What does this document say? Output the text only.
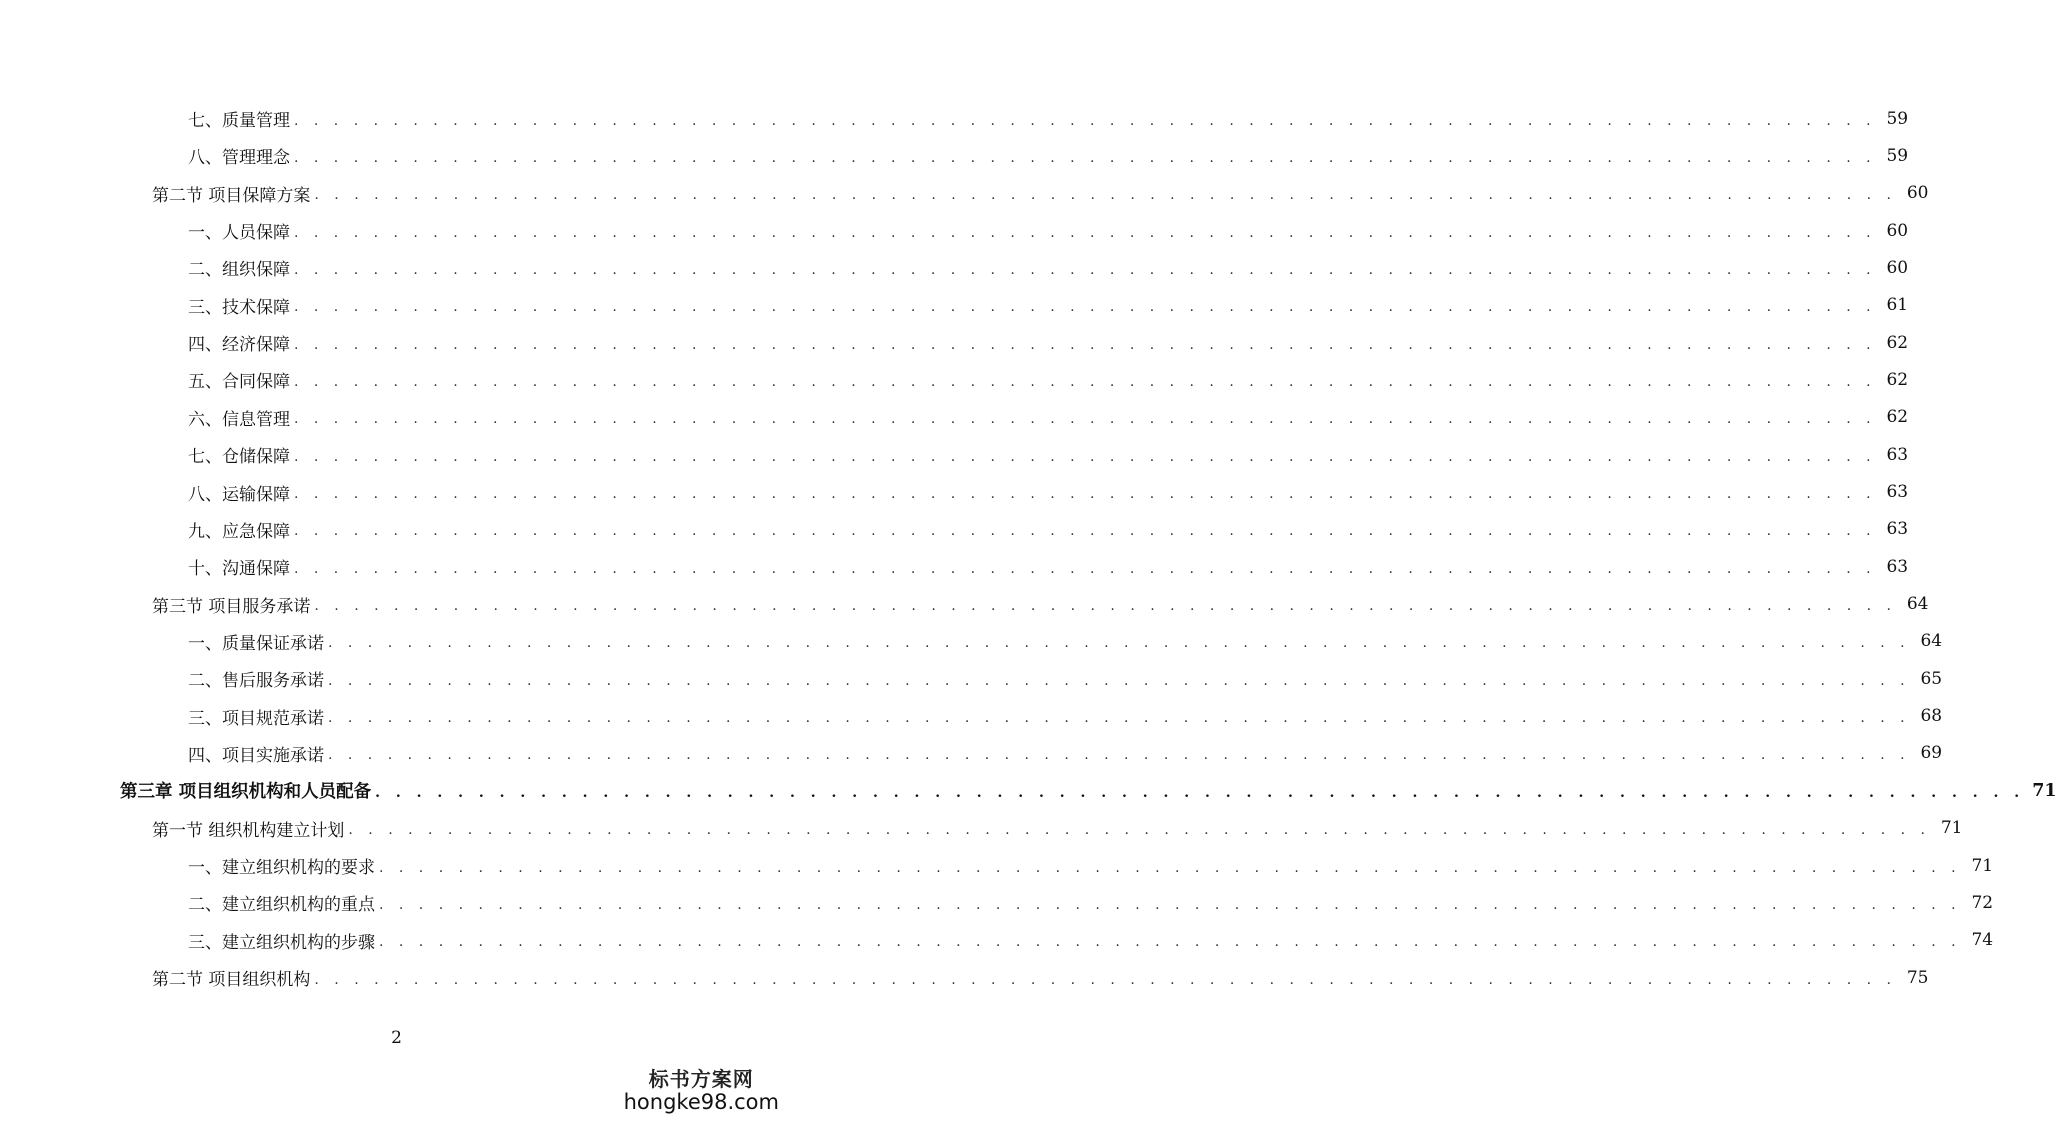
七、质量管理 . . . . . . . . . . . . . . . . . . . . . . . . . . . . . . . . . . . . . . . . . . . . . . . . . . . . . . . . . . . . . . . . . . . . . . . . . . . . . . . . 59
八、管理理念 . . . . . . . . . . . . . . . . . . . . . . . . . . . . . . . . . . . . . . . . . . . . . . . . . . . . . . . . . . . . . . . . . . . . . . . . . . . . . . . . 59
第二节 项目保障方案 . . . . . . . . . . . . . . . . . . . . . . . . . . . . . . . . . . . . . . . . . . . . . . . . . . . . . . . . . . . . . . . . . . . . . . . . . . . . . . . . 60
一、人员保障 . . . . . . . . . . . . . . . . . . . . . . . . . . . . . . . . . . . . . . . . . . . . . . . . . . . . . . . . . . . . . . . . . . . . . . . . . . . . . . . . 60
二、组织保障 . . . . . . . . . . . . . . . . . . . . . . . . . . . . . . . . . . . . . . . . . . . . . . . . . . . . . . . . . . . . . . . . . . . . . . . . . . . . . . . . 60
三、技术保障 . . . . . . . . . . . . . . . . . . . . . . . . . . . . . . . . . . . . . . . . . . . . . . . . . . . . . . . . . . . . . . . . . . . . . . . . . . . . . . . . 61
四、经济保障 . . . . . . . . . . . . . . . . . . . . . . . . . . . . . . . . . . . . . . . . . . . . . . . . . . . . . . . . . . . . . . . . . . . . . . . . . . . . . . . . 62
五、合同保障 . . . . . . . . . . . . . . . . . . . . . . . . . . . . . . . . . . . . . . . . . . . . . . . . . . . . . . . . . . . . . . . . . . . . . . . . . . . . . . . . 62
六、信息管理 . . . . . . . . . . . . . . . . . . . . . . . . . . . . . . . . . . . . . . . . . . . . . . . . . . . . . . . . . . . . . . . . . . . . . . . . . . . . . . . . 62
七、仓储保障 . . . . . . . . . . . . . . . . . . . . . . . . . . . . . . . . . . . . . . . . . . . . . . . . . . . . . . . . . . . . . . . . . . . . . . . . . . . . . . . . 63
八、运输保障 . . . . . . . . . . . . . . . . . . . . . . . . . . . . . . . . . . . . . . . . . . . . . . . . . . . . . . . . . . . . . . . . . . . . . . . . . . . . . . . . 63
九、应急保障 . . . . . . . . . . . . . . . . . . . . . . . . . . . . . . . . . . . . . . . . . . . . . . . . . . . . . . . . . . . . . . . . . . . . . . . . . . . . . . . . 63
十、沟通保障 . . . . . . . . . . . . . . . . . . . . . . . . . . . . . . . . . . . . . . . . . . . . . . . . . . . . . . . . . . . . . . . . . . . . . . . . . . . . . . . . 63
第三节 项目服务承诺 . . . . . . . . . . . . . . . . . . . . . . . . . . . . . . . . . . . . . . . . . . . . . . . . . . . . . . . . . . . . . . . . . . . . . . . . . . . . . . . . 64
一、质量保证承诺 . . . . . . . . . . . . . . . . . . . . . . . . . . . . . . . . . . . . . . . . . . . . . . . . . . . . . . . . . . . . . . . . . . . . . . . . . . . . . . . . 64
二、售后服务承诺 . . . . . . . . . . . . . . . . . . . . . . . . . . . . . . . . . . . . . . . . . . . . . . . . . . . . . . . . . . . . . . . . . . . . . . . . . . . . . . . . 65
三、项目规范承诺 . . . . . . . . . . . . . . . . . . . . . . . . . . . . . . . . . . . . . . . . . . . . . . . . . . . . . . . . . . . . . . . . . . . . . . . . . . . . . . . . 68
四、项目实施承诺 . . . . . . . . . . . . . . . . . . . . . . . . . . . . . . . . . . . . . . . . . . . . . . . . . . . . . . . . . . . . . . . . . . . . . . . . . . . . . . . . 69
第三章 项目组织机构和人员配备 . . . . . . . . . . . . . . . . . . . . . . . . . . . . . . . . . . . . . . . . . . . . . . . . . . . . . . . . . . . . . . . . . . . . . . . . . . . . . . . . 71
第一节 组织机构建立计划 . . . . . . . . . . . . . . . . . . . . . . . . . . . . . . . . . . . . . . . . . . . . . . . . . . . . . . . . . . . . . . . . . . . . . . . . . . . . . . . . 71
一、建立组织机构的要求 . . . . . . . . . . . . . . . . . . . . . . . . . . . . . . . . . . . . . . . . . . . . . . . . . . . . . . . . . . . . . . . . . . . . . . . . . . . . . . . . 71
二、建立组织机构的重点 . . . . . . . . . . . . . . . . . . . . . . . . . . . . . . . . . . . . . . . . . . . . . . . . . . . . . . . . . . . . . . . . . . . . . . . . . . . . . . . . 72
三、建立组织机构的步骤 . . . . . . . . . . . . . . . . . . . . . . . . . . . . . . . . . . . . . . . . . . . . . . . . . . . . . . . . . . . . . . . . . . . . . . . . . . . . . . . . 74
第二节 项目组织机构 . . . . . . . . . . . . . . . . . . . . . . . . . . . . . . . . . . . . . . . . . . . . . . . . . . . . . . . . . . . . . . . . . . . . . . . . . . . . . . . . 75
2
标书方案网
hongke98.com
